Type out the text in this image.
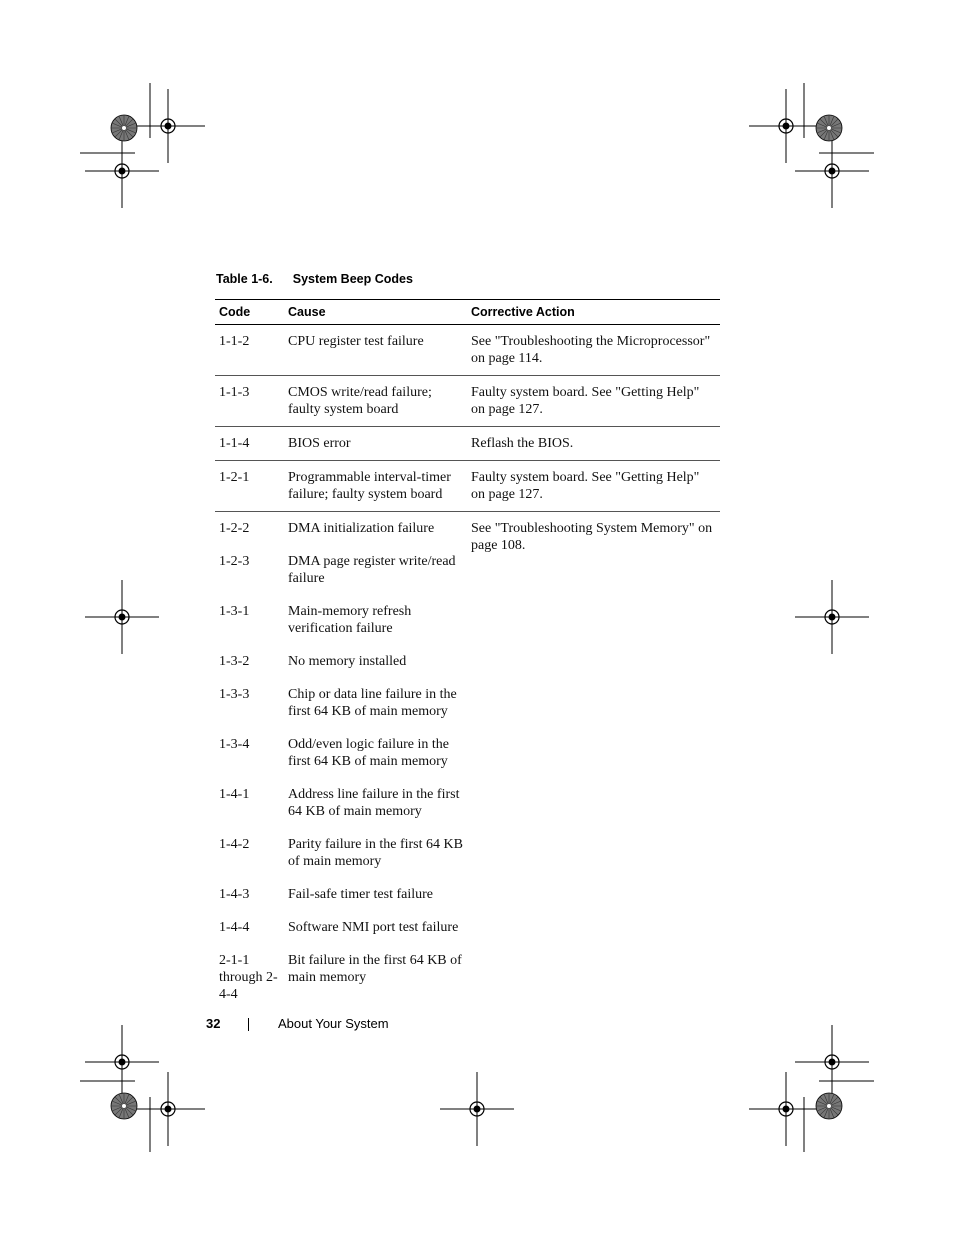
Table 1-6. System Beep Codes
Code	Cause	Corrective Action
1-1-2	CPU register test failure	See "Troubleshooting the Microprocessor" on page 114.
1-1-3	CMOS write/read failure; faulty system board	Faulty system board. See "Getting Help" on page 127.
1-1-4	BIOS error	Reflash the BIOS.
1-2-1	Programmable interval-timer failure; faulty system board	Faulty system board. See "Getting Help" on page 127.
1-2-2	DMA initialization failure	See "Troubleshooting System Memory" on page 108.
1-2-3	DMA page register write/read failure	
1-3-1	Main-memory refresh verification failure	
1-3-2	No memory installed	
1-3-3	Chip or data line failure in the first 64 KB of main memory	
1-3-4	Odd/even logic failure in the first 64 KB of main memory	
1-4-1	Address line failure in the first 64 KB of main memory	
1-4-2	Parity failure in the first 64 KB of main memory	
1-4-3	Fail-safe timer test failure	
1-4-4	Software NMI port test failure	
2-1-1 through 2-4-4	Bit failure in the first 64 KB of main memory	
32	About Your System
